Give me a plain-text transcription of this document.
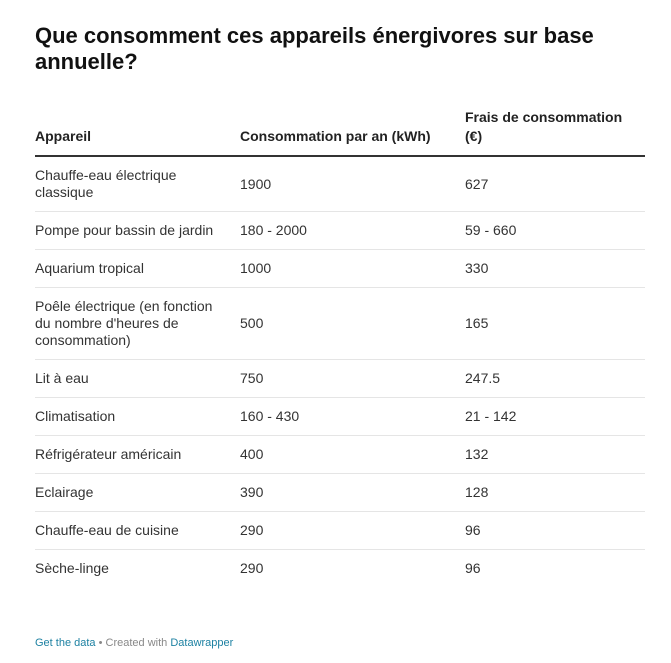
Que consomment ces appareils énergivores sur base annuelle?
Appareil	Consommation par an (kWh)	Frais de consommation (€)
Chauffe-eau électrique classique	1900	627
Pompe pour bassin de jardin	180 - 2000	59 - 660
Aquarium tropical	1000	330
Poêle électrique (en fonction du nombre d'heures de consommation)	500	165
Lit à eau	750	247.5
Climatisation	160 - 430	21 - 142
Réfrigérateur américain	400	132
Eclairage	390	128
Chauffe-eau de cuisine	290	96
Sèche-linge	290	96
Get the data • Created with Datawrapper
